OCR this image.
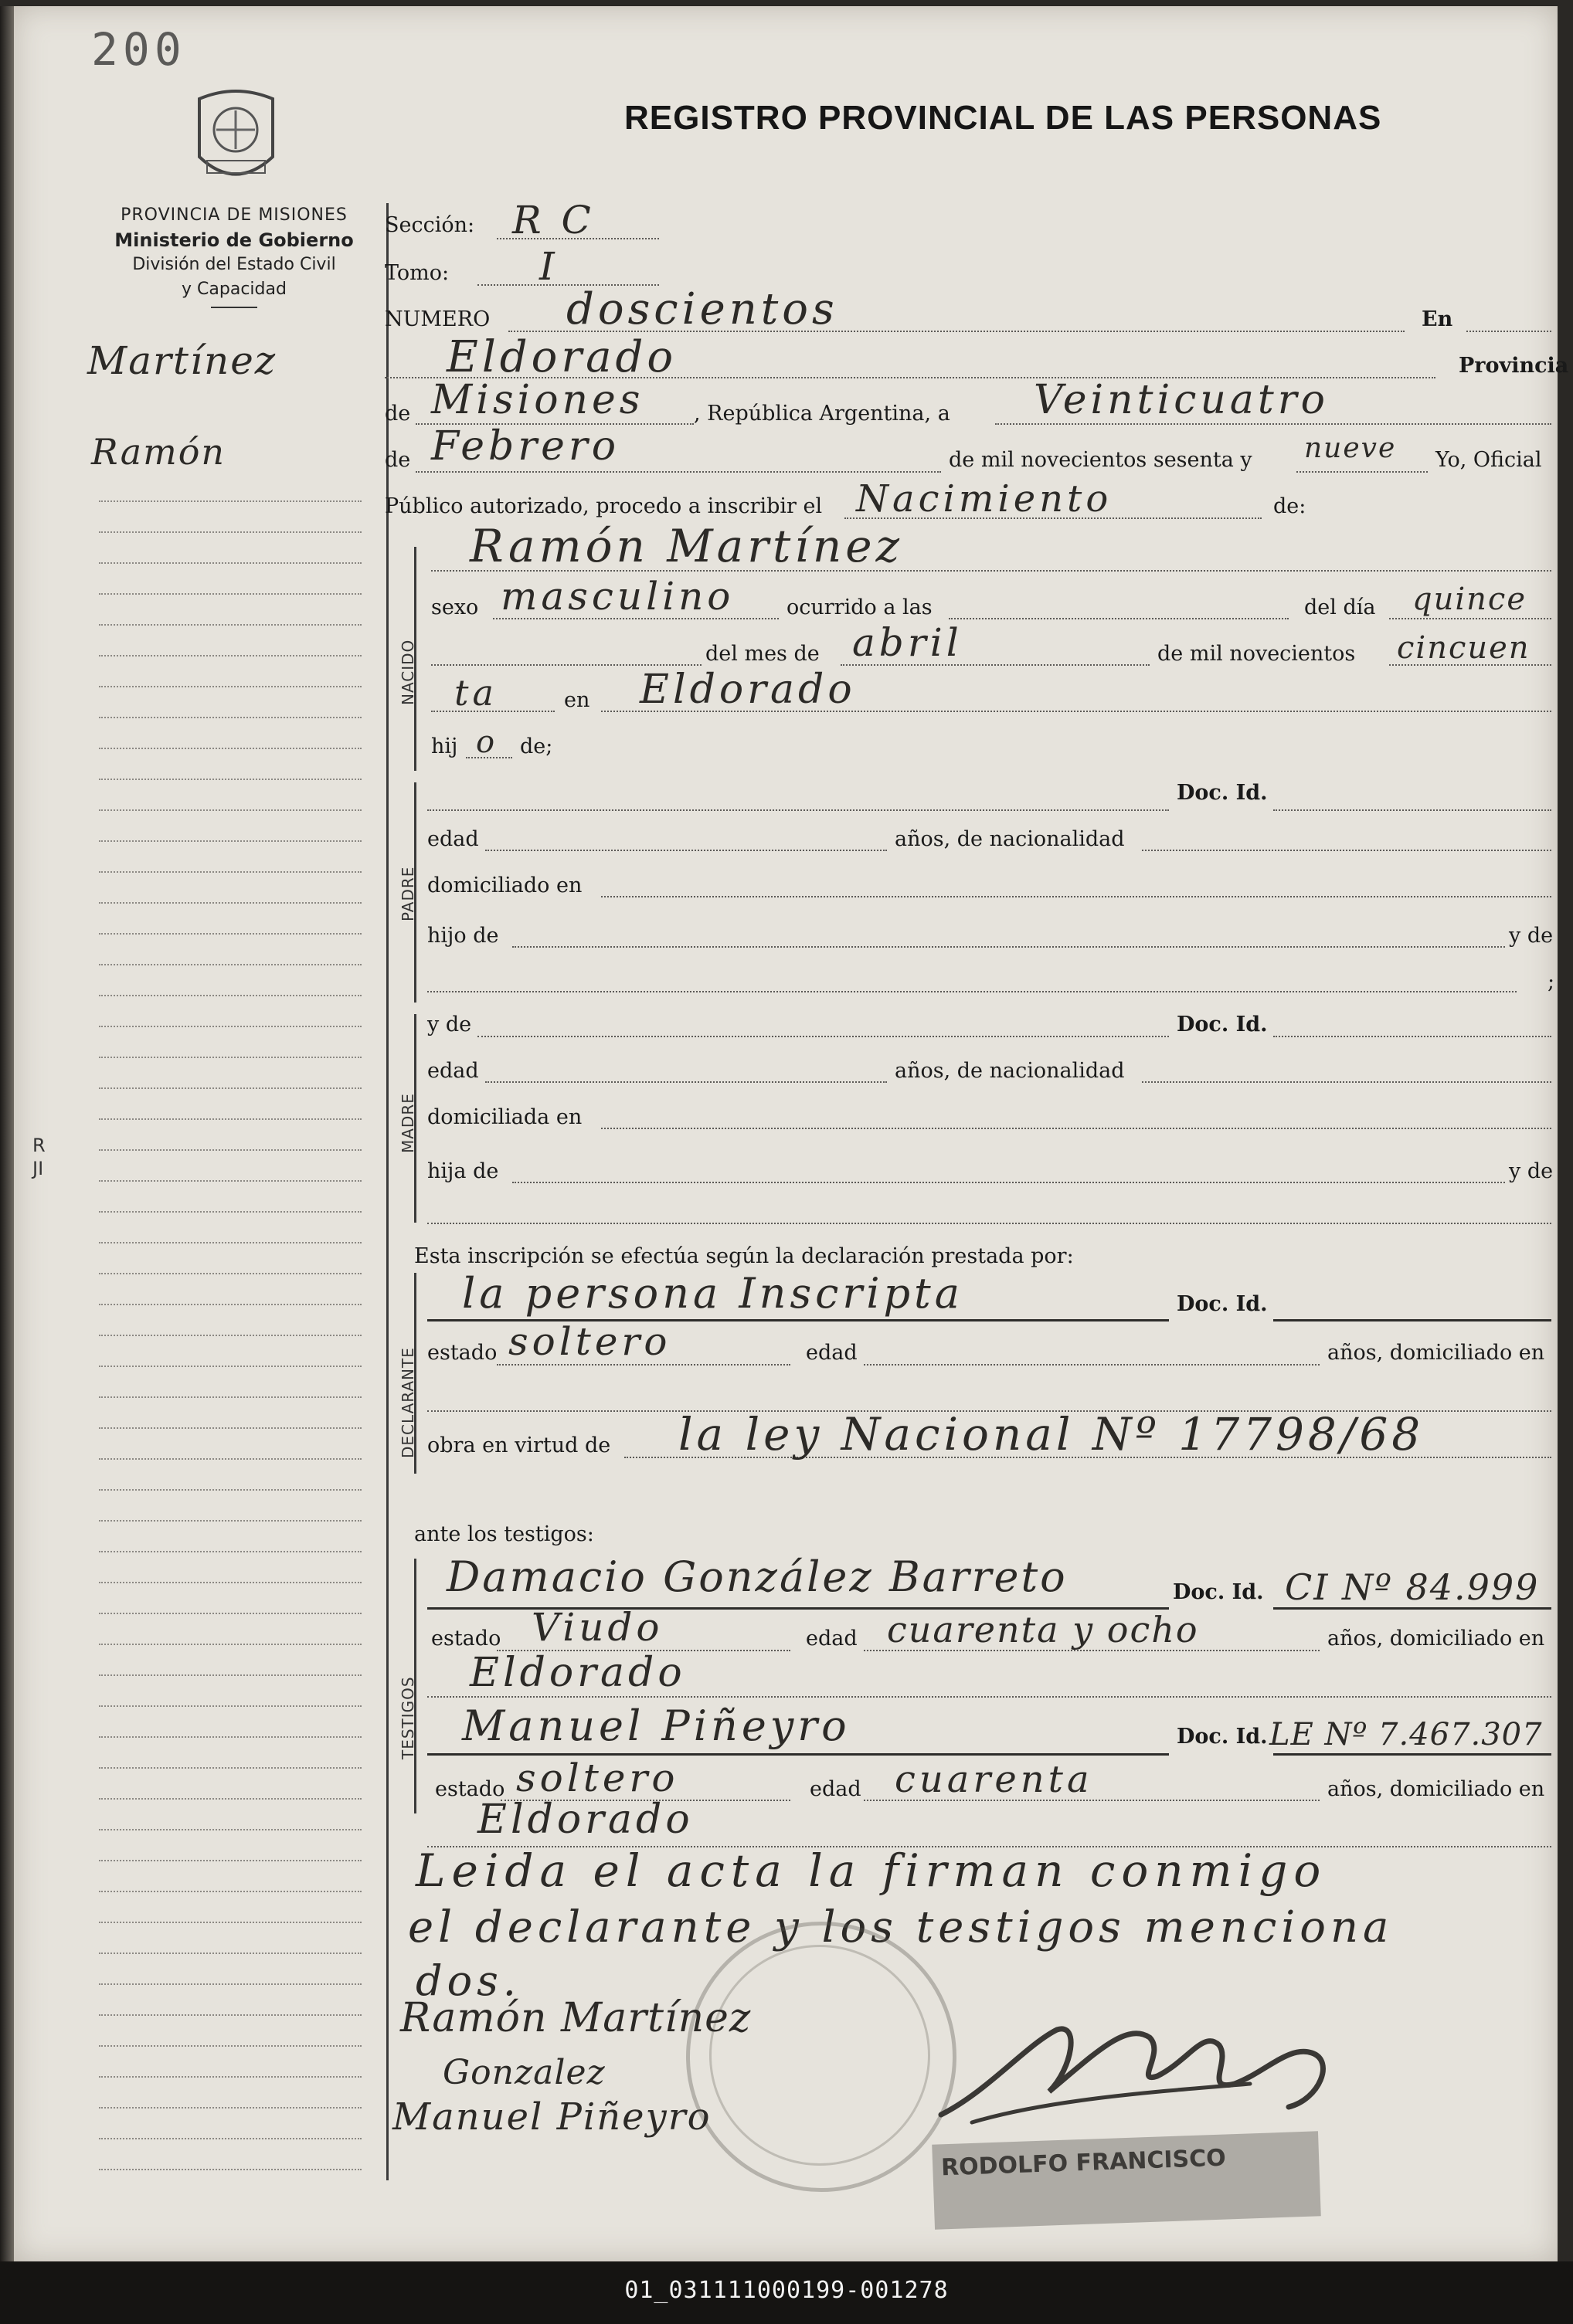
200
REGISTRO PROVINCIAL DE LAS PERSONAS
PROVINCIA DE MISIONES
Ministerio de Gobierno
División del Estado Civil
y Capacidad
Martínez
Ramón
R
JI
NACIDO
PADRE
MADRE
DECLARANTE
TESTIGOS
Sección: R C
Tomo: I
NUMERO doscientos	En
Eldorado	Provincia
de Misiones , República Argentina, a Veinticuatro
de Febrero	de mil novecientos sesenta y nueve Yo, Oficial
Público autorizado, procedo a inscribir el Nacimiento	de:
Ramón Martínez
sexo masculino	ocurrido a las	del día quince
del mes de abril	de mil novecientos cincuen
ta	en Eldorado
hij o de;
Doc. Id.
edad	años, de nacionalidad
domiciliado en
hijo de	y de
;
y de	Doc. Id.
edad	años, de nacionalidad
domiciliada en
hija de	y de
Esta inscripción se efectúa según la declaración prestada por:
la persona Inscripta	Doc. Id.
estado soltero	edad	años, domiciliado en
obra en virtud de la ley Nacional Nº 17798/68
ante los testigos:
Damacio González Barreto	Doc. Id. CI Nº 84.999
estado Viudo	edad cuarenta y ocho	años, domiciliado en
Eldorado
Manuel Piñeyro	Doc. Id. LE Nº 7.467.307
estado soltero	edad cuarenta	años, domiciliado en
Eldorado
Leida el acta la firman conmigo
el declarante y los testigos menciona
dos.
Ramón Martínez
Gonzalez
Manuel Piñeyro
RODOLFO FRANCISCO
01_031111000199-001278
